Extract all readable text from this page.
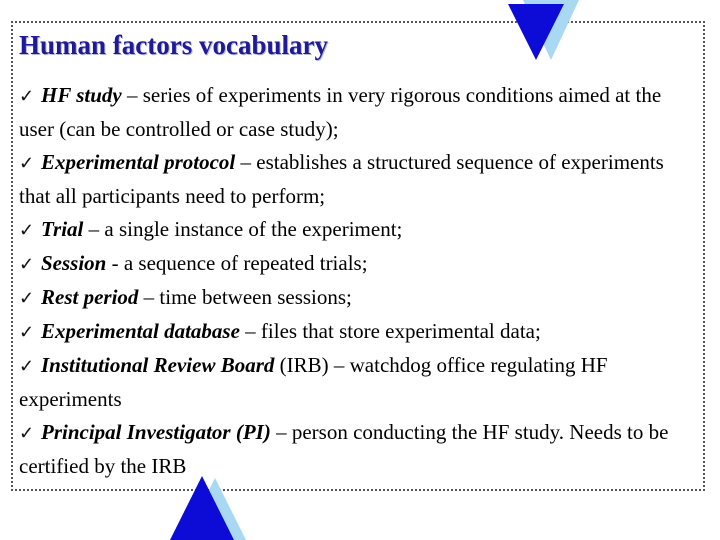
Human factors vocabulary

✓ HF study – series of experiments in very rigorous conditions aimed at the user (can be controlled or case study);

✓ Experimental protocol – establishes a structured sequence of experiments that all participants need to perform;

✓ Trial – a single instance of the experiment;

✓ Session - a sequence of repeated trials;

✓ Rest period – time between sessions;

✓ Experimental database – files that store experimental data;

✓ Institutional Review Board (IRB) – watchdog office regulating HF experiments

✓ Principal Investigator (PI) – person conducting the HF study. Needs to be certified by the IRB
